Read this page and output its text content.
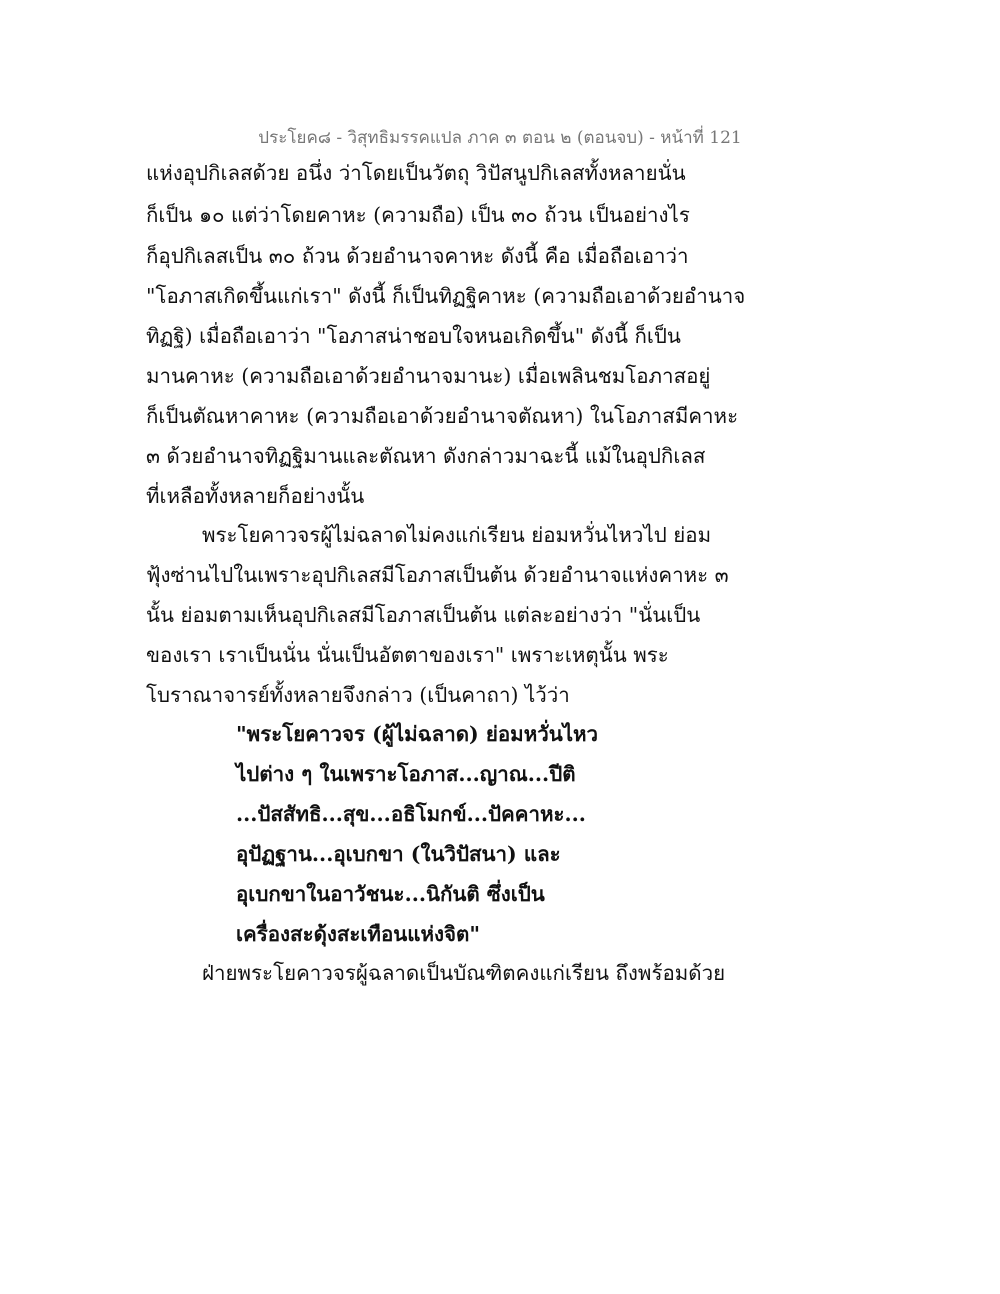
ประโยค๘ - วิสุทธิมรรคแปล ภาค ๓ ตอน ๒ (ตอนจบ) - หน้าที่ 121
แห่งอุปกิเลสด้วย อนึ่ง ว่าโดยเป็นวัตถุ วิปัสนูปกิเลสทั้งหลายนั่น
ก็เป็น ๑๐ แต่ว่าโดยคาหะ (ความถือ) เป็น ๓๐ ถ้วน เป็นอย่างไร
ก็อุปกิเลสเป็น ๓๐ ถ้วน ด้วยอำนาจคาหะ ดังนี้ คือ เมื่อถือเอาว่า
"โอภาสเกิดขึ้นแก่เรา" ดังนี้ ก็เป็นทิฏฐิคาหะ (ความถือเอาด้วยอำนาจ
ทิฏฐิ) เมื่อถือเอาว่า "โอภาสน่าชอบใจหนอเกิดขึ้น" ดังนี้ ก็เป็น
มานคาหะ (ความถือเอาด้วยอำนาจมานะ) เมื่อเพลินชมโอภาสอยู่
ก็เป็นตัณหาคาหะ (ความถือเอาด้วยอำนาจตัณหา) ในโอภาสมีคาหะ
๓ ด้วยอำนาจทิฏฐิมานและตัณหา ดังกล่าวมาฉะนี้ แม้ในอุปกิเลส
ที่เหลือทั้งหลายก็อย่างนั้น
พระโยคาวจรผู้ไม่ฉลาดไม่คงแก่เรียน ย่อมหวั่นไหวไป ย่อม
ฟุ้งซ่านไปในเพราะอุปกิเลสมีโอภาสเป็นต้น ด้วยอำนาจแห่งคาหะ ๓
นั้น ย่อมตามเห็นอุปกิเลสมีโอภาสเป็นต้น แต่ละอย่างว่า "นั่นเป็น
ของเรา เราเป็นนั่น นั่นเป็นอัตตาของเรา" เพราะเหตุนั้น พระ
โบราณาจารย์ทั้งหลายจึงกล่าว (เป็นคาถา) ไว้ว่า
"พระโยคาวจร (ผู้ไม่ฉลาด) ย่อมหวั่นไหว
ไปต่าง ๆ ในเพราะโอภาส...ญาณ...ปีติ
...ปัสสัทธิ...สุข...อธิโมกข์...ปัคคาหะ...
อุปัฏฐาน...อุเบกขา (ในวิปัสนา) และ
อุเบกขาในอาวัชนะ...นิกันติ ซึ่งเป็น
เครื่องสะดุ้งสะเทือนแห่งจิต"
ฝ่ายพระโยคาวจรผู้ฉลาดเป็นบัณฑิตคงแก่เรียน ถึงพร้อมด้วย
